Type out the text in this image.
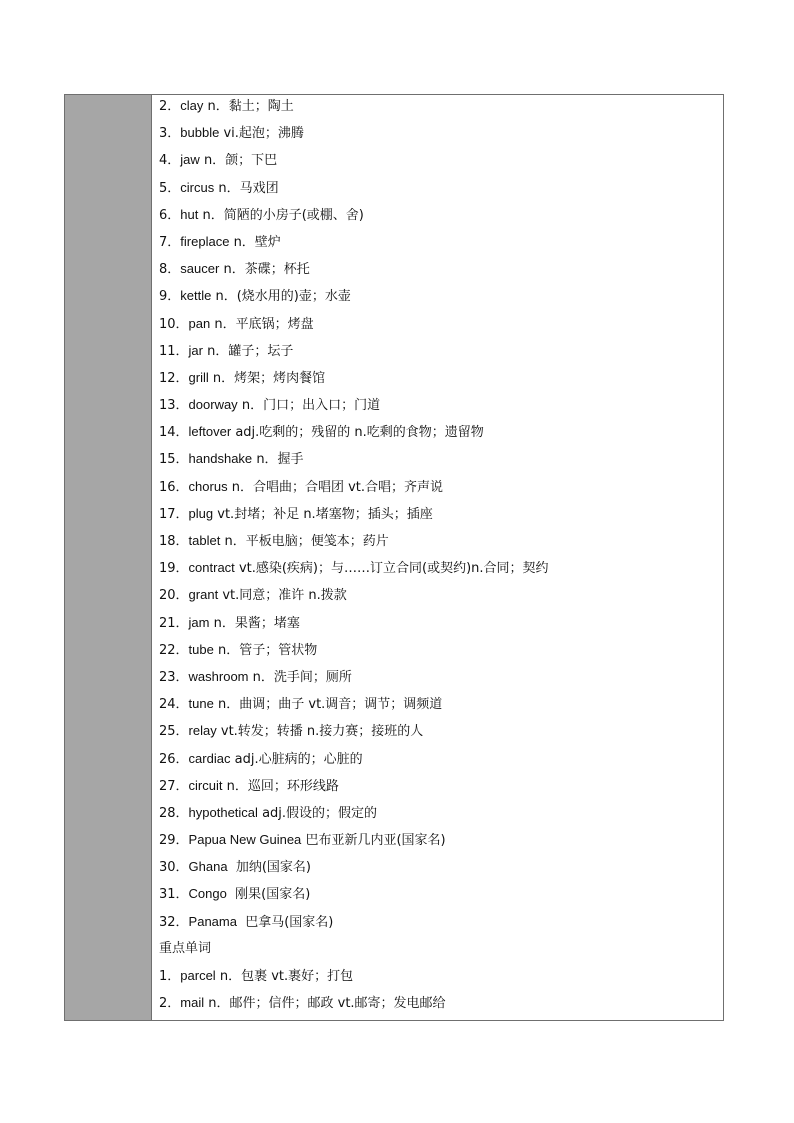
2．clay n．黏土；陶土
3．bubble vi.起泡；沸腾
4．jaw n．颌；下巴
5．circus n．马戏团
6．hut n．简陋的小房子(或棚、舍)
7．fireplace n．壁炉
8．saucer n．茶碟；杯托
9．kettle n．(烧水用的)壶；水壶
10．pan n．平底锅；烤盘
11．jar n．罐子；坛子
12．grill n．烤架；烤肉餐馆
13．doorway n．门口；出入口；门道
14．leftover adj.吃剩的；残留的 n.吃剩的食物；遗留物
15．handshake n．握手
16．chorus n．合唱曲；合唱团 vt.合唱；齐声说
17．plug vt.封堵；补足 n.堵塞物；插头；插座
18．tablet n．平板电脑；便笺本；药片
19．contract vt.感染(疾病)；与……订立合同(或契约)n.合同；契约
20．grant vt.同意；准许 n.拨款
21．jam n．果酱；堵塞
22．tube n．管子；管状物
23．washroom n．洗手间；厕所
24．tune n．曲调；曲子 vt.调音；调节；调频道
25．relay vt.转发；转播 n.接力赛；接班的人
26．cardiac adj.心脏病的；心脏的
27．circuit n．巡回；环形线路
28．hypothetical adj.假设的；假定的
29．Papua New Guinea 巴布亚新几内亚(国家名)
30．Ghana 加纳(国家名)
31．Congo 刚果(国家名)
32．Panama 巴拿马(国家名)
重点单词
1．parcel n．包裹 vt.裹好；打包
2．mail n．邮件；信件；邮政 vt.邮寄；发电邮给
